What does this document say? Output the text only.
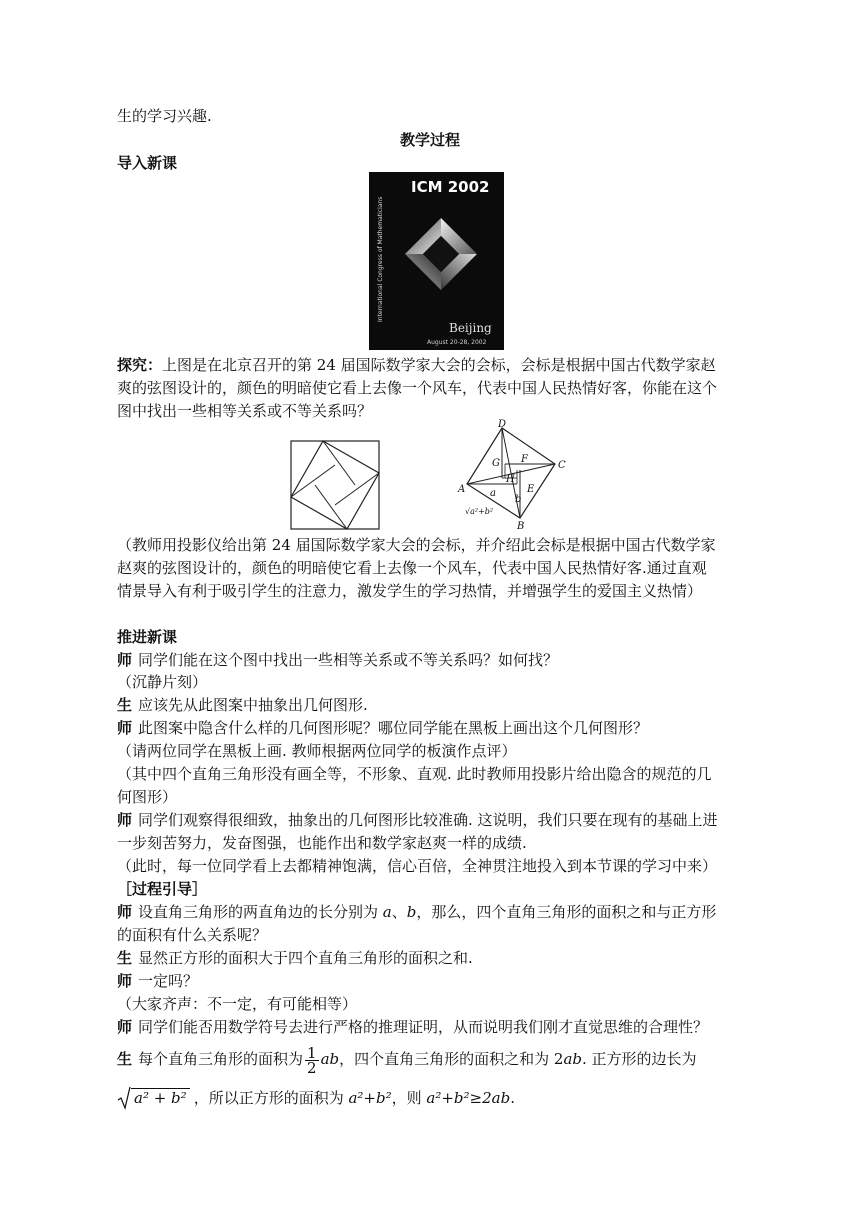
生的学习兴趣.
教学过程
导入新课
ICM 2002
International Congress of Mathematicians
Beijing
August 20-28, 2002
探究：上图是在北京召开的第 24 届国际数学家大会的会标，会标是根据中国古代数学家赵
爽的弦图设计的，颜色的明暗使它看上去像一个风车，代表中国人民热情好客，你能在这个
图中找出一些相等关系或不等关系吗？
D
C
G F
H
E
A
B
a
b
√a²+b²
（教师用投影仪给出第 24 届国际数学家大会的会标，并介绍此会标是根据中国古代数学家
赵爽的弦图设计的，颜色的明暗使它看上去像一个风车，代表中国人民热情好客.通过直观
情景导入有利于吸引学生的注意力，激发学生的学习热情，并增强学生的爱国主义热情）
推进新课
师 同学们能在这个图中找出一些相等关系或不等关系吗？如何找？
（沉静片刻）
生 应该先从此图案中抽象出几何图形.
师 此图案中隐含什么样的几何图形呢？哪位同学能在黑板上画出这个几何图形？
（请两位同学在黑板上画. 教师根据两位同学的板演作点评）
（其中四个直角三角形没有画全等，不形象、直观. 此时教师用投影片给出隐含的规范的几
何图形）
师 同学们观察得很细致，抽象出的几何图形比较准确. 这说明，我们只要在现有的基础上进
一步刻苦努力，发奋图强，也能作出和数学家赵爽一样的成绩.
（此时，每一位同学看上去都精神饱满，信心百倍，全神贯注地投入到本节课的学习中来）
［过程引导］
师 设直角三角形的两直角边的长分别为 a、b，那么，四个直角三角形的面积之和与正方形
的面积有什么关系呢？
生 显然正方形的面积大于四个直角三角形的面积之和.
师 一定吗？
（大家齐声：不一定，有可能相等）
师 同学们能否用数学符号去进行严格的推理证明，从而说明我们刚才直觉思维的合理性？
生 每个直角三角形的面积为 $\frac{1}{2}$ ab，四个直角三角形的面积之和为 2ab. 正方形的边长为
a² + b² ，所以正方形的面积为 a²+b²，则 a²+b²≥2ab.
